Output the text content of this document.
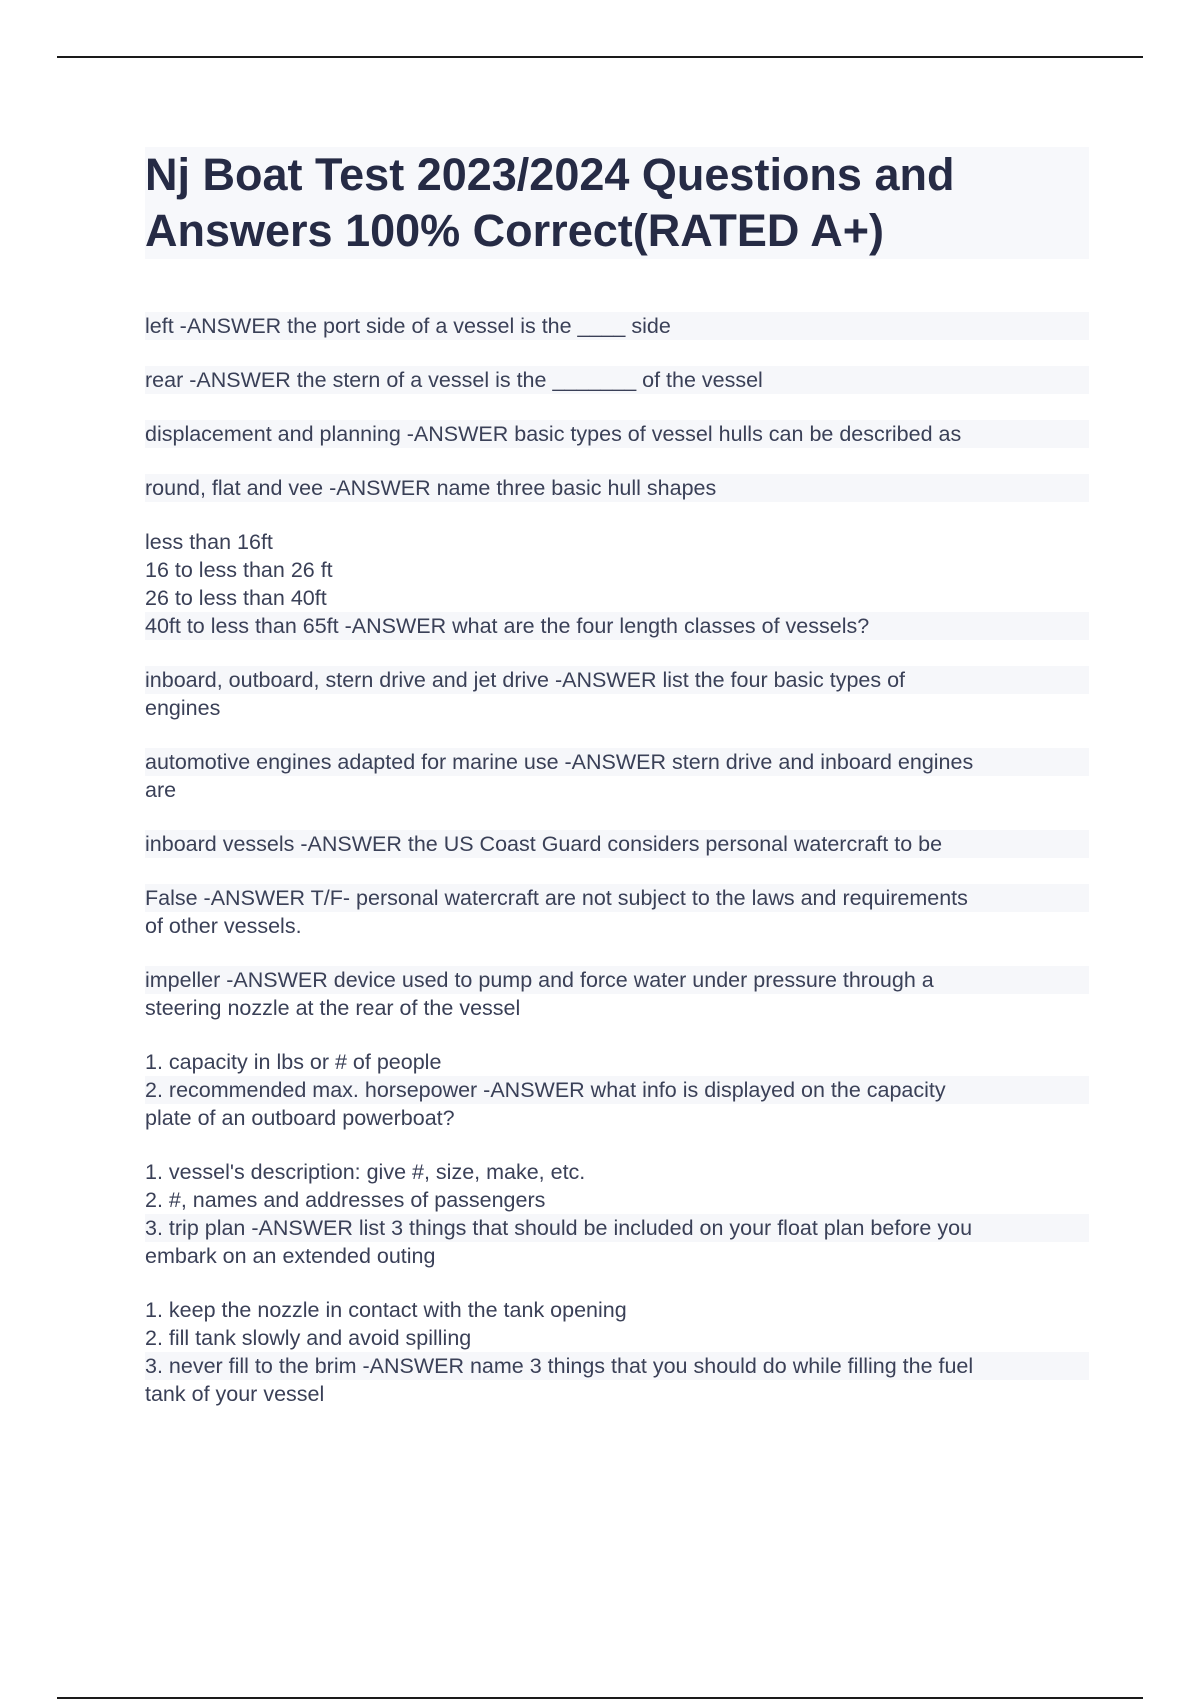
Nj Boat Test 2023/2024 Questions and
Answers 100% Correct(RATED A+)

left -ANSWER the port side of a vessel is the ____ side

rear -ANSWER the stern of a vessel is the _______ of the vessel

displacement and planning -ANSWER basic types of vessel hulls can be described as

round, flat and vee -ANSWER name three basic hull shapes

less than 16ft
16 to less than 26 ft
26 to less than 40ft
40ft to less than 65ft -ANSWER what are the four length classes of vessels?

inboard, outboard, stern drive and jet drive -ANSWER list the four basic types of
engines

automotive engines adapted for marine use -ANSWER stern drive and inboard engines
are

inboard vessels -ANSWER the US Coast Guard considers personal watercraft to be

False -ANSWER T/F- personal watercraft are not subject to the laws and requirements
of other vessels.

impeller -ANSWER device used to pump and force water under pressure through a
steering nozzle at the rear of the vessel

1. capacity in lbs or # of people
2. recommended max. horsepower -ANSWER what info is displayed on the capacity
plate of an outboard powerboat?

1. vessel's description: give #, size, make, etc.
2. #, names and addresses of passengers
3. trip plan -ANSWER list 3 things that should be included on your float plan before you
embark on an extended outing

1. keep the nozzle in contact with the tank opening
2. fill tank slowly and avoid spilling
3. never fill to the brim -ANSWER name 3 things that you should do while filling the fuel
tank of your vessel
